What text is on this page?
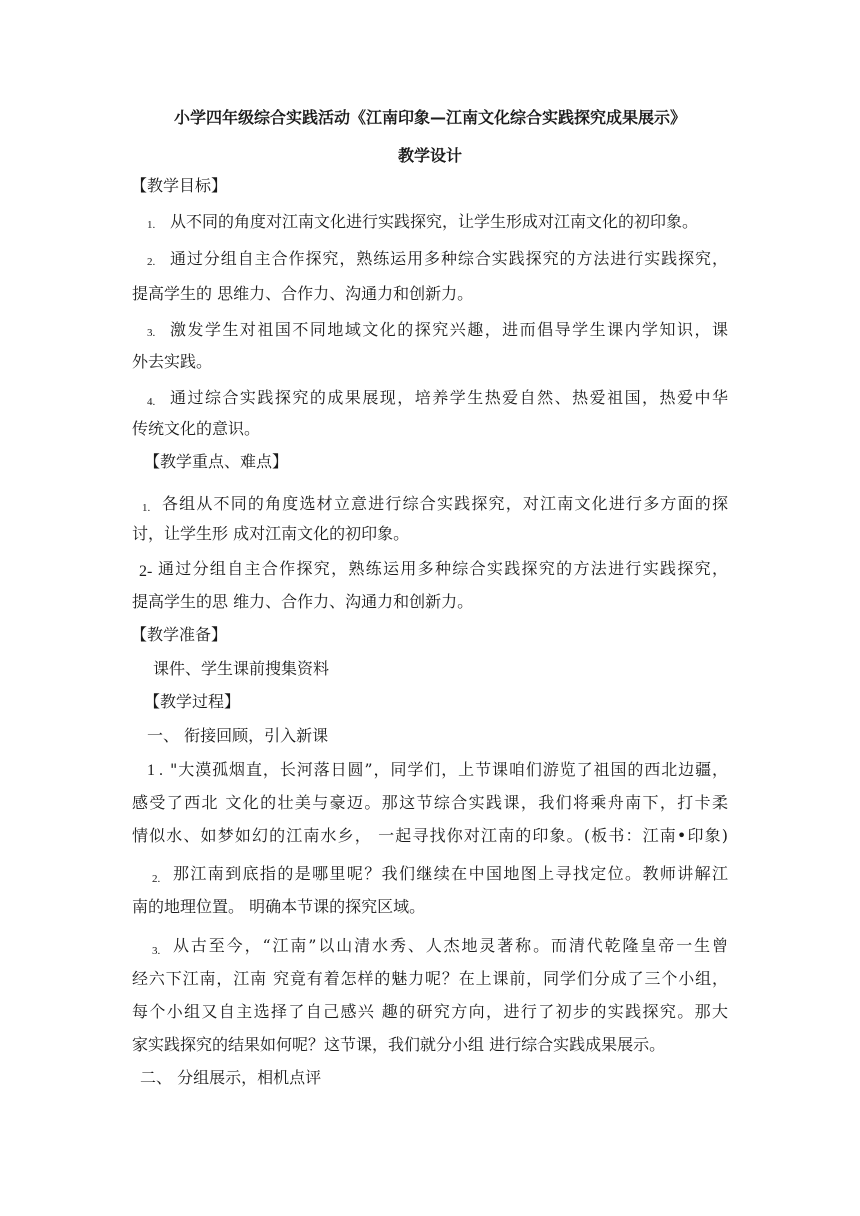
小学四年级综合实践活动《江南印象—江南文化综合实践探究成果展示》
教学设计
【教学目标】
1. 从不同的角度对江南文化进行实践探究，让学生形成对江南文化的初印象。
2. 通过分组自主合作探究，熟练运用多种综合实践探究的方法进行实践探究，
提高学生的 思维力、合作力、沟通力和创新力。
3. 激发学生对祖国不同地域文化的探究兴趣，进而倡导学生课内学知识，课
外去实践。
4. 通过综合实践探究的成果展现，培养学生热爱自然、热爱祖国，热爱中华
传统文化的意识。
【教学重点、难点】
1. 各组从不同的角度选材立意进行综合实践探究，对江南文化进行多方面的探
讨，让学生形 成对江南文化的初印象。
2- 通过分组自主合作探究，熟练运用多种综合实践探究的方法进行实践探究，
提高学生的思 维力、合作力、沟通力和创新力。
【教学准备】
课件、学生课前搜集资料
【教学过程】
一、 衔接回顾，引入新课
1 . "大漠孤烟直，长河落日圆”，同学们，上节课咱们游览了祖国的西北边疆，
感受了西北 文化的壮美与豪迈。那这节综合实践课，我们将乘舟南下，打卡柔
情似水、如梦如幻的江南水乡， 一起寻找你对江南的印象。(板书：江南•印象)
2. 那江南到底指的是哪里呢？我们继续在中国地图上寻找定位。教师讲解江
南的地理位置。 明确本节课的探究区域。
3. 从古至今，“江南”以山清水秀、人杰地灵著称。而清代乾隆皇帝一生曾
经六下江南，江南 究竟有着怎样的魅力呢？在上课前，同学们分成了三个小组，
每个小组又自主选择了自己感兴 趣的研究方向，进行了初步的实践探究。那大
家实践探究的结果如何呢？这节课，我们就分小组 进行综合实践成果展示。
二、 分组展示，相机点评
